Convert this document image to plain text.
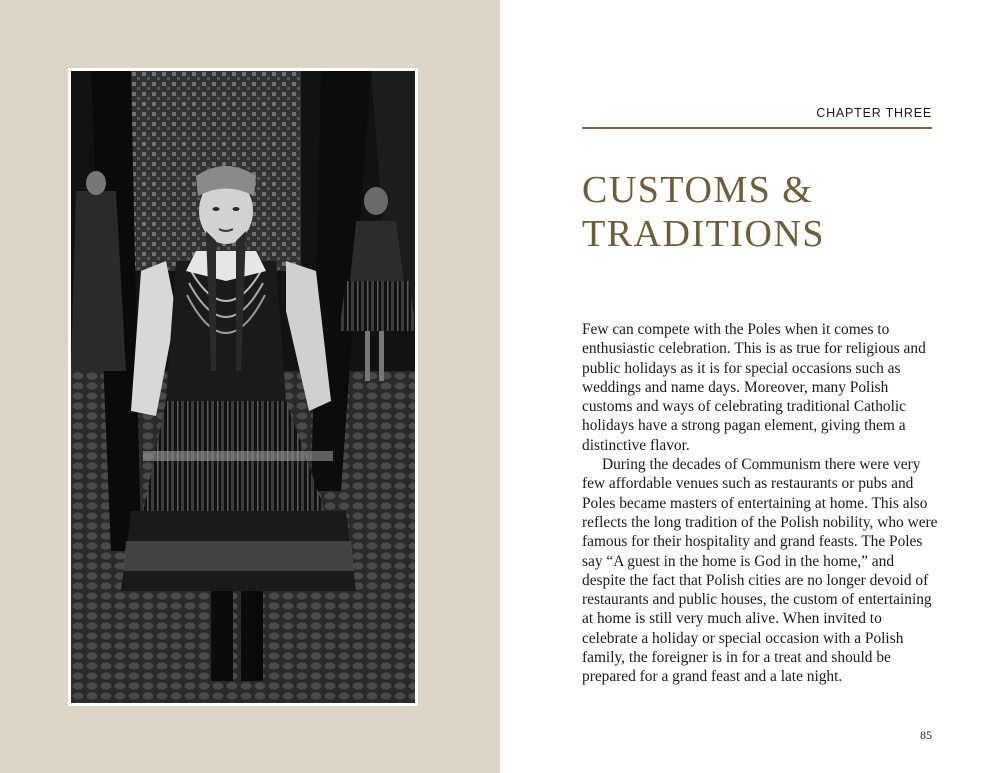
CHAPTER THREE
CUSTOMS &
TRADITIONS

Few can compete with the Poles when it comes to enthusiastic celebration. This is as true for religious and public holidays as it is for special occasions such as weddings and name days. Moreover, many Polish customs and ways of celebrating traditional Catholic holidays have a strong pagan element, giving them a distinctive flavor.

During the decades of Communism there were very few affordable venues such as restaurants or pubs and Poles became masters of entertaining at home. This also reflects the long tradition of the Polish nobility, who were famous for their hospitality and grand feasts. The Poles say “A guest in the home is God in the home,” and despite the fact that Polish cities are no longer devoid of restaurants and public houses, the custom of entertaining at home is still very much alive. When invited to celebrate a holiday or special occasion with a Polish family, the foreigner is in for a treat and should be prepared for a grand feast and a late night.

85
